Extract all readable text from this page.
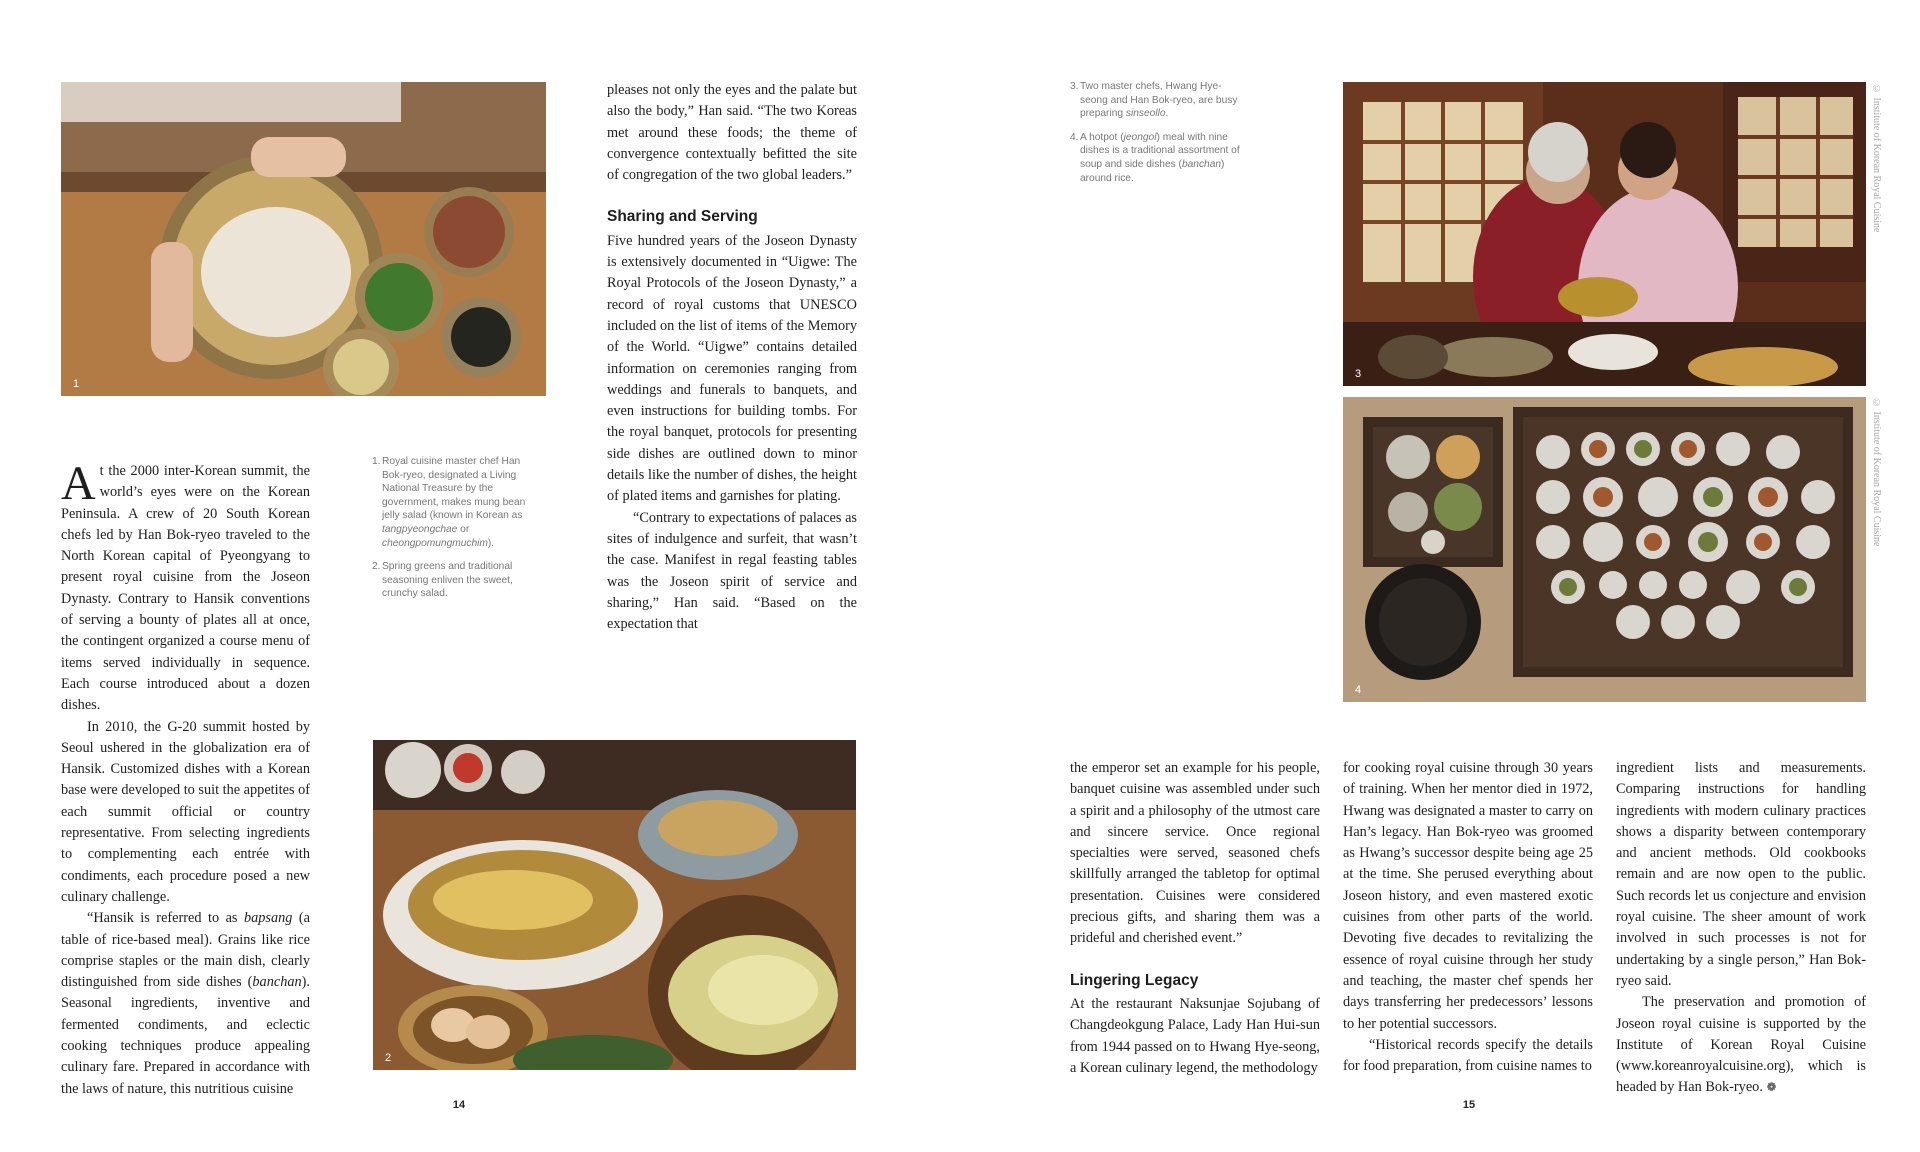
1

At the 2000 inter-Korean summit, the world’s eyes were on the Korean Peninsula. A crew of 20 South Korean chefs led by Han Bok-ryeo traveled to the North Korean capital of Pyeongyang to present royal cuisine from the Joseon Dynasty. Contrary to Hansik conventions of serving a bounty of plates all at once, the contingent organized a course menu of items served individually in sequence. Each course introduced about a dozen dishes.

In 2010, the G-20 summit hosted by Seoul ushered in the globalization era of Hansik. Customized dishes with a Korean base were developed to suit the appetites of each summit official or country representative. From selecting ingredients to complementing each entrée with condiments, each procedure posed a new culinary challenge.

“Hansik is referred to as bapsang (a table of rice-based meal). Grains like rice comprise staples or the main dish, clearly distinguished from side dishes (banchan). Seasonal ingredients, inventive and fermented condiments, and eclectic cooking techniques produce appealing culinary fare. Prepared in accordance with the laws of nature, this nutritious cuisine

1. Royal cuisine master chef Han Bok-ryeo, designated a Living National Treasure by the government, makes mung bean jelly salad (known in Korean as tangpyeongchae or cheongpomungmuchim).
2. Spring greens and traditional seasoning enliven the sweet, crunchy salad.

pleases not only the eyes and the palate but also the body,” Han said. “The two Koreas met around these foods; the theme of convergence contextually befitted the site of congregation of the two global leaders.”

Sharing and Serving

Five hundred years of the Joseon Dynasty is extensively documented in “Uigwe: The Royal Protocols of the Joseon Dynasty,” a record of royal customs that UNESCO included on the list of items of the Memory of the World. “Uigwe” contains detailed information on ceremonies ranging from weddings and funerals to banquets, and even instructions for building tombs. For the royal banquet, protocols for presenting side dishes are outlined down to minor details like the number of dishes, the height of plated items and garnishes for plating.

“Contrary to expectations of palaces as sites of indulgence and surfeit, that wasn’t the case. Manifest in regal feasting tables was the Joseon spirit of service and sharing,” Han said. “Based on the expectation that

2
14
3. Two master chefs, Hwang Hye-seong and Han Bok-ryeo, are busy preparing sinseollo.
4. A hotpot (jeongol) meal with nine dishes is a traditional assortment of soup and side dishes (banchan) around rice.
3
4
© Institute of Korean Royal Cuisine
© Institute of Korean Royal Cuisine

the emperor set an example for his people, banquet cuisine was assembled under such a spirit and a philosophy of the utmost care and sincere service. Once regional specialties were served, seasoned chefs skillfully arranged the tabletop for optimal presentation. Cuisines were considered precious gifts, and sharing them was a prideful and cherished event.”

Lingering Legacy

At the restaurant Naksunjae Sojubang of Changdeokgung Palace, Lady Han Hui-sun from 1944 passed on to Hwang Hye-seong, a Korean culinary legend, the methodology

for cooking royal cuisine through 30 years of training. When her mentor died in 1972, Hwang was designated a master to carry on Han’s legacy. Han Bok-ryeo was groomed as Hwang’s successor despite being age 25 at the time. She perused everything about Joseon history, and even mastered exotic cuisines from other parts of the world. Devoting five decades to revitalizing the essence of royal cuisine through her study and teaching, the master chef spends her days transferring her predecessors’ lessons to her potential successors.

“Historical records specify the details for food preparation, from cuisine names to

ingredient lists and measurements. Comparing instructions for handling ingredients with modern culinary practices shows a disparity between contemporary and ancient methods. Old cookbooks remain and are now open to the public. Such records let us conjecture and envision royal cuisine. The sheer amount of work involved in such processes is not for undertaking by a single person,” Han Bok-ryeo said.

The preservation and promotion of Joseon royal cuisine is supported by the Institute of Korean Royal Cuisine (www.koreanroyalcuisine.org), which is headed by Han Bok-ryeo. ❁

15
